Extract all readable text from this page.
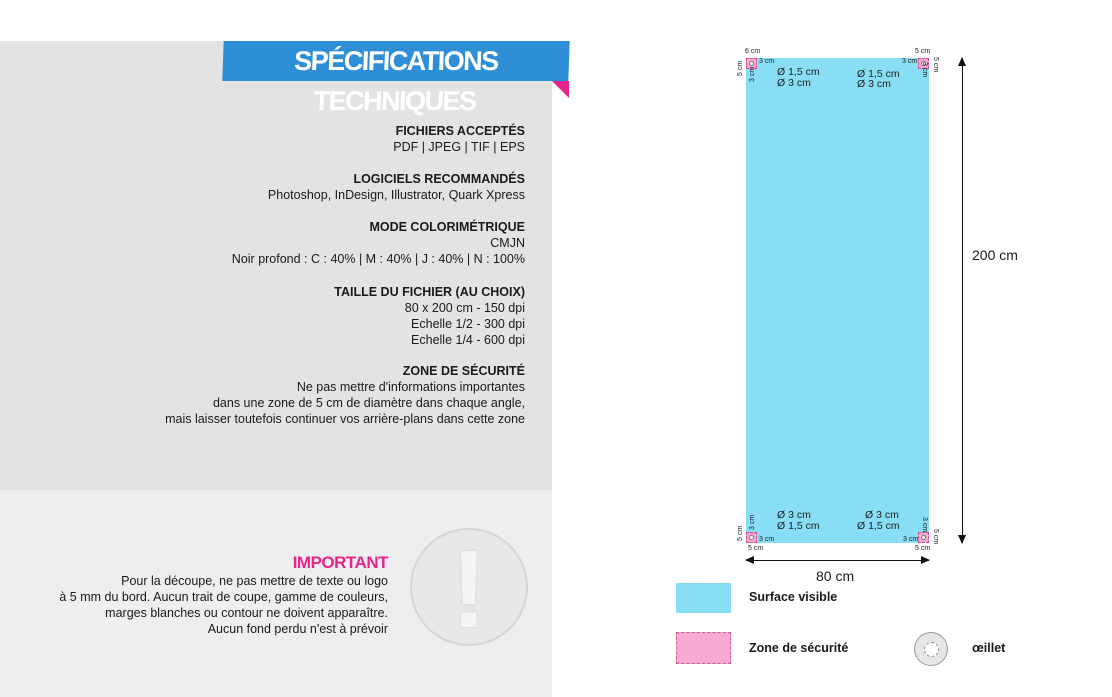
SPÉCIFICATIONS TECHNIQUES
FICHIERS ACCEPTÉS
PDF | JPEG | TIF | EPS
LOGICIELS RECOMMANDÉS
Photoshop, InDesign, Illustrator, Quark Xpress
MODE COLORIMÉTRIQUE
CMJN
Noir profond : C : 40% | M : 40% | J : 40% | N : 100%
TAILLE DU FICHIER (AU CHOIX)
80 x 200 cm - 150 dpi
Echelle 1/2 - 300 dpi
Echelle 1/4 - 600 dpi
ZONE DE SÉCURITÉ
Ne pas mettre d'informations importantes
dans une zone de 5 cm de diamètre dans chaque angle,
mais laisser toutefois continuer vos arrière-plans dans cette zone
!
IMPORTANT
Pour la découpe, ne pas mettre de texte ou logo
à 5 mm du bord. Aucun trait de coupe, gamme de couleurs,
marges blanches ou contour ne doivent apparaître.
Aucun fond perdu n'est à prévoir
6 cm
3 cm
5 cm 3 cm Ø 1,5 cm
Ø 3 cm
5 cm
3 cm 5 cm
3 cm
Ø 1,5 cm
Ø 3 cm
3 cm
5 cm
5 cm
3 cm Ø 3 cm
Ø 1,5 cm
3 cm
5 cm
5 cm
3 cm
Ø 3 cm
Ø 1,5 cm
200 cm
80 cm
Surface visible
Zone de sécurité	œillet
